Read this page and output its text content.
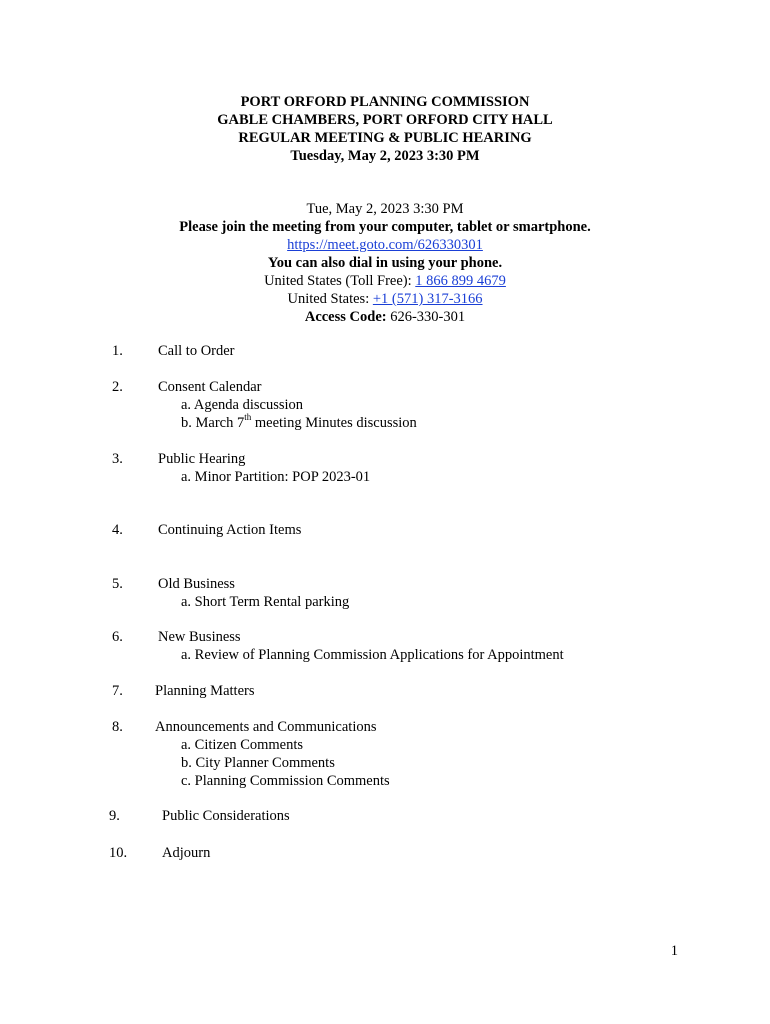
PORT ORFORD PLANNING COMMISSION
GABLE CHAMBERS, PORT ORFORD CITY HALL
REGULAR MEETING & PUBLIC HEARING
Tuesday, May 2, 2023 3:30 PM
Tue, May 2, 2023 3:30 PM
Please join the meeting from your computer, tablet or smartphone.
https://meet.goto.com/626330301
You can also dial in using your phone.
United States (Toll Free): 1 866 899 4679
United States: +1 (571) 317-3166
Access Code: 626-330-301
1. Call to Order
2. Consent Calendar
a. Agenda discussion
b. March 7th meeting Minutes discussion
3. Public Hearing
a. Minor Partition: POP 2023-01
4. Continuing Action Items
5. Old Business
a. Short Term Rental parking
6. New Business
a. Review of Planning Commission Applications for Appointment
7. Planning Matters
8. Announcements and Communications
a. Citizen Comments
b. City Planner Comments
c. Planning Commission Comments
9.	Public Considerations
10. Adjourn
1
